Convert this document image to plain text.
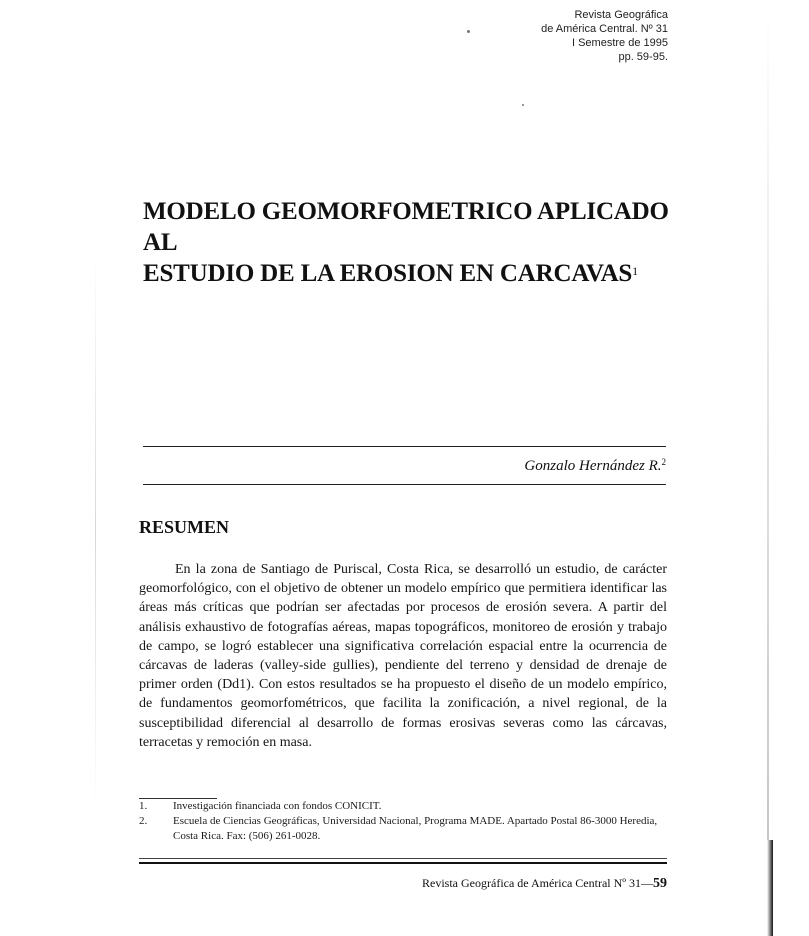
Revista Geográfica
de América Central. Nº 31
I Semestre de 1995
pp. 59-95.
MODELO GEOMORFOMETRICO APLICADO AL
ESTUDIO DE LA EROSION EN CARCAVAS$^1$
Gonzalo Hernández R.$^2$
RESUMEN

En la zona de Santiago de Puriscal, Costa Rica, se desarrolló un estudio, de carácter geomorfológico, con el objetivo de obtener un modelo empírico que permitiera identificar las áreas más críticas que podrían ser afectadas por procesos de erosión severa. A partir del análisis exhaustivo de fotografías aéreas, mapas topográficos, monitoreo de erosión y trabajo de campo, se logró establecer una significativa correlación espacial entre la ocurrencia de cárcavas de laderas (valley-side gullies), pendiente del terreno y densidad de drenaje de primer orden (Dd1). Con estos resultados se ha propuesto el diseño de un modelo empírico, de fundamentos geomorfométricos, que facilita la zonificación, a nivel regional, de la susceptibilidad diferencial al desarrollo de formas erosivas severas como las cárcavas, terracetas y remoción en masa.

1.	Investigación financiada con fondos CONICIT.
2.	Escuela de Ciencias Geográficas, Universidad Nacional, Programa MADE. Apartado Postal 86-3000 Heredia, Costa Rica. Fax: (506) 261-0028.
Revista Geográfica de América Central Nº 31—59
